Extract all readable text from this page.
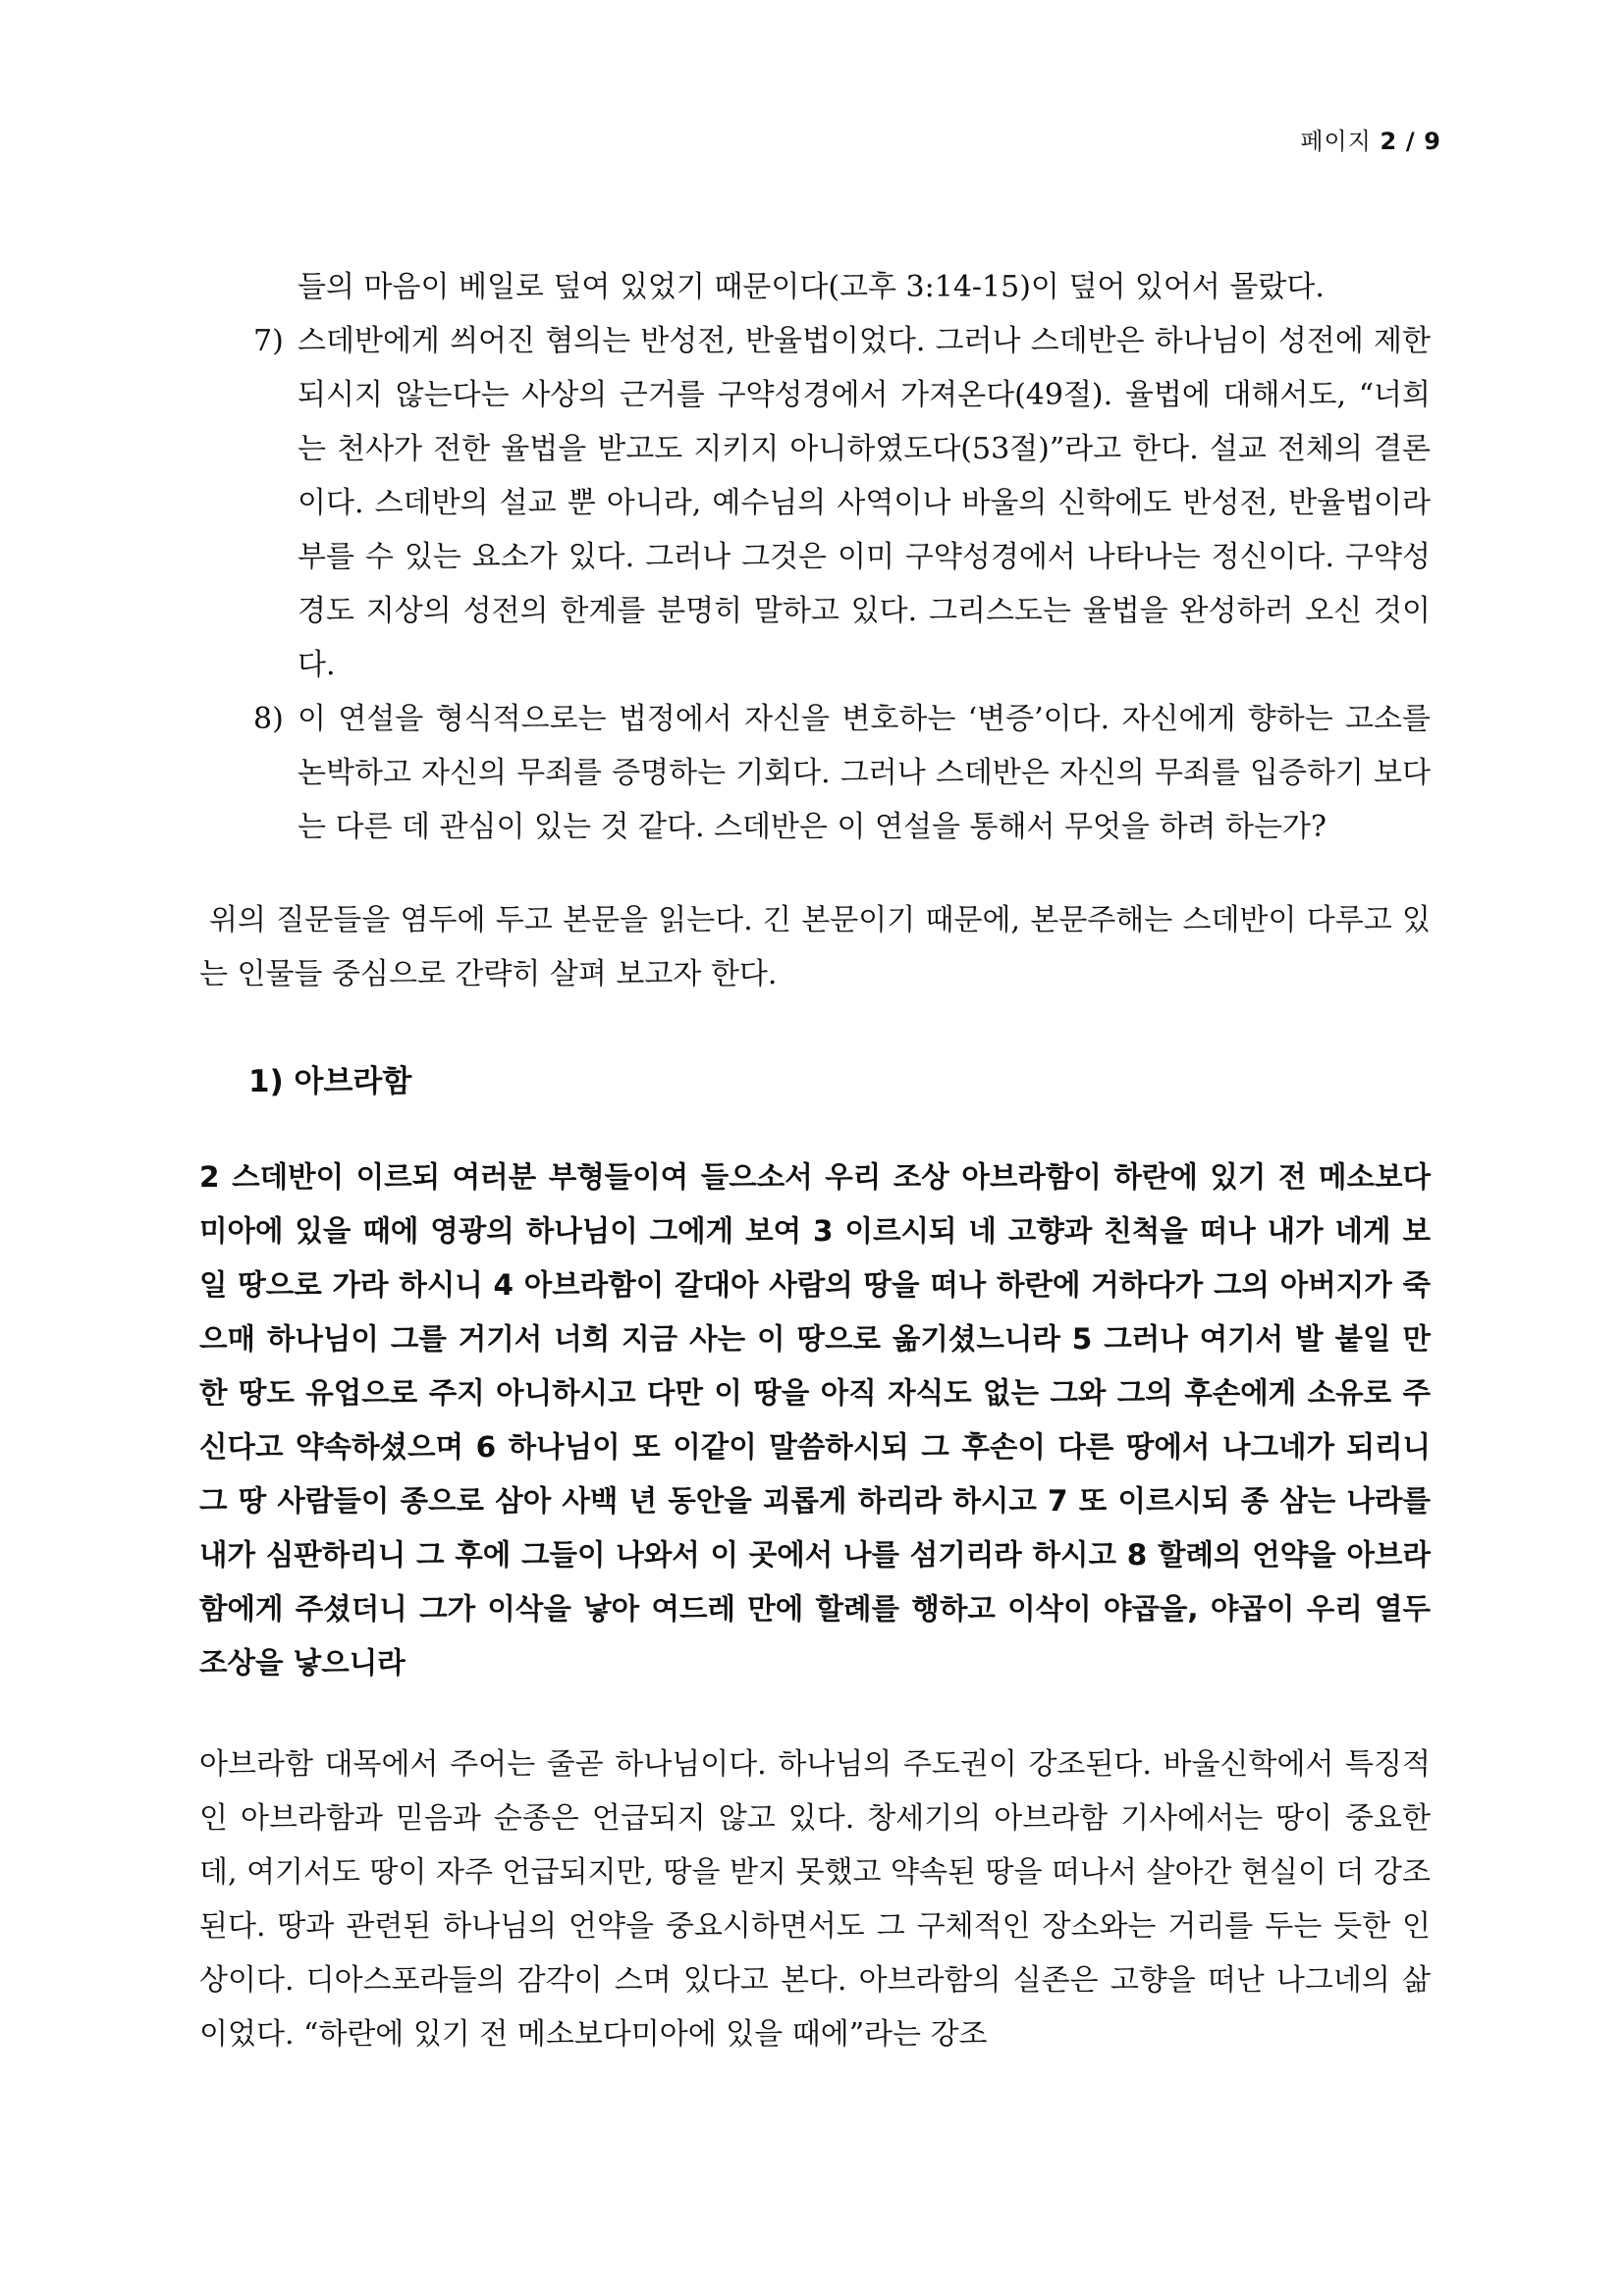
페이지 2 / 9

들의 마음이 베일로 덮여 있었기 때문이다(고후 3:14-15)이 덮어 있어서 몰랐다.

7) 스데반에게 씌어진 혐의는 반성전, 반율법이었다. 그러나 스데반은 하나님이 성전에 제한되시지 않는다는 사상의 근거를 구약성경에서 가져온다(49절). 율법에 대해서도, “너희는 천사가 전한 율법을 받고도 지키지 아니하였도다(53절)”라고 한다. 설교 전체의 결론이다. 스데반의 설교 뿐 아니라, 예수님의 사역이나 바울의 신학에도 반성전, 반율법이라 부를 수 있는 요소가 있다. 그러나 그것은 이미 구약성경에서 나타나는 정신이다. 구약성경도 지상의 성전의 한계를 분명히 말하고 있다. 그리스도는 율법을 완성하러 오신 것이다.
8) 이 연설을 형식적으로는 법정에서 자신을 변호하는 ‘변증’이다. 자신에게 향하는 고소를 논박하고 자신의 무죄를 증명하는 기회다. 그러나 스데반은 자신의 무죄를 입증하기 보다는 다른 데 관심이 있는 것 같다. 스데반은 이 연설을 통해서 무엇을 하려 하는가?

위의 질문들을 염두에 두고 본문을 읽는다. 긴 본문이기 때문에, 본문주해는 스데반이 다루고 있는 인물들 중심으로 간략히 살펴 보고자 한다.

1) 아브라함

2 스데반이 이르되 여러분 부형들이여 들으소서 우리 조상 아브라함이 하란에 있기 전 메소보다미아에 있을 때에 영광의 하나님이 그에게 보여 3 이르시되 네 고향과 친척을 떠나 내가 네게 보일 땅으로 가라 하시니 4 아브라함이 갈대아 사람의 땅을 떠나 하란에 거하다가 그의 아버지가 죽으매 하나님이 그를 거기서 너희 지금 사는 이 땅으로 옮기셨느니라 5 그러나 여기서 발 붙일 만한 땅도 유업으로 주지 아니하시고 다만 이 땅을 아직 자식도 없는 그와 그의 후손에게 소유로 주신다고 약속하셨으며 6 하나님이 또 이같이 말씀하시되 그 후손이 다른 땅에서 나그네가 되리니 그 땅 사람들이 종으로 삼아 사백 년 동안을 괴롭게 하리라 하시고 7 또 이르시되 종 삼는 나라를 내가 심판하리니 그 후에 그들이 나와서 이 곳에서 나를 섬기리라 하시고 8 할례의 언약을 아브라함에게 주셨더니 그가 이삭을 낳아 여드레 만에 할례를 행하고 이삭이 야곱을, 야곱이 우리 열두 조상을 낳으니라

아브라함 대목에서 주어는 줄곧 하나님이다. 하나님의 주도권이 강조된다. 바울신학에서 특징적인 아브라함과 믿음과 순종은 언급되지 않고 있다. 창세기의 아브라함 기사에서는 땅이 중요한데, 여기서도 땅이 자주 언급되지만, 땅을 받지 못했고 약속된 땅을 떠나서 살아간 현실이 더 강조된다. 땅과 관련된 하나님의 언약을 중요시하면서도 그 구체적인 장소와는 거리를 두는 듯한 인상이다. 디아스포라들의 감각이 스며 있다고 본다. 아브라함의 실존은 고향을 떠난 나그네의 삶이었다. “하란에 있기 전 메소보다미아에 있을 때에”라는 강조
